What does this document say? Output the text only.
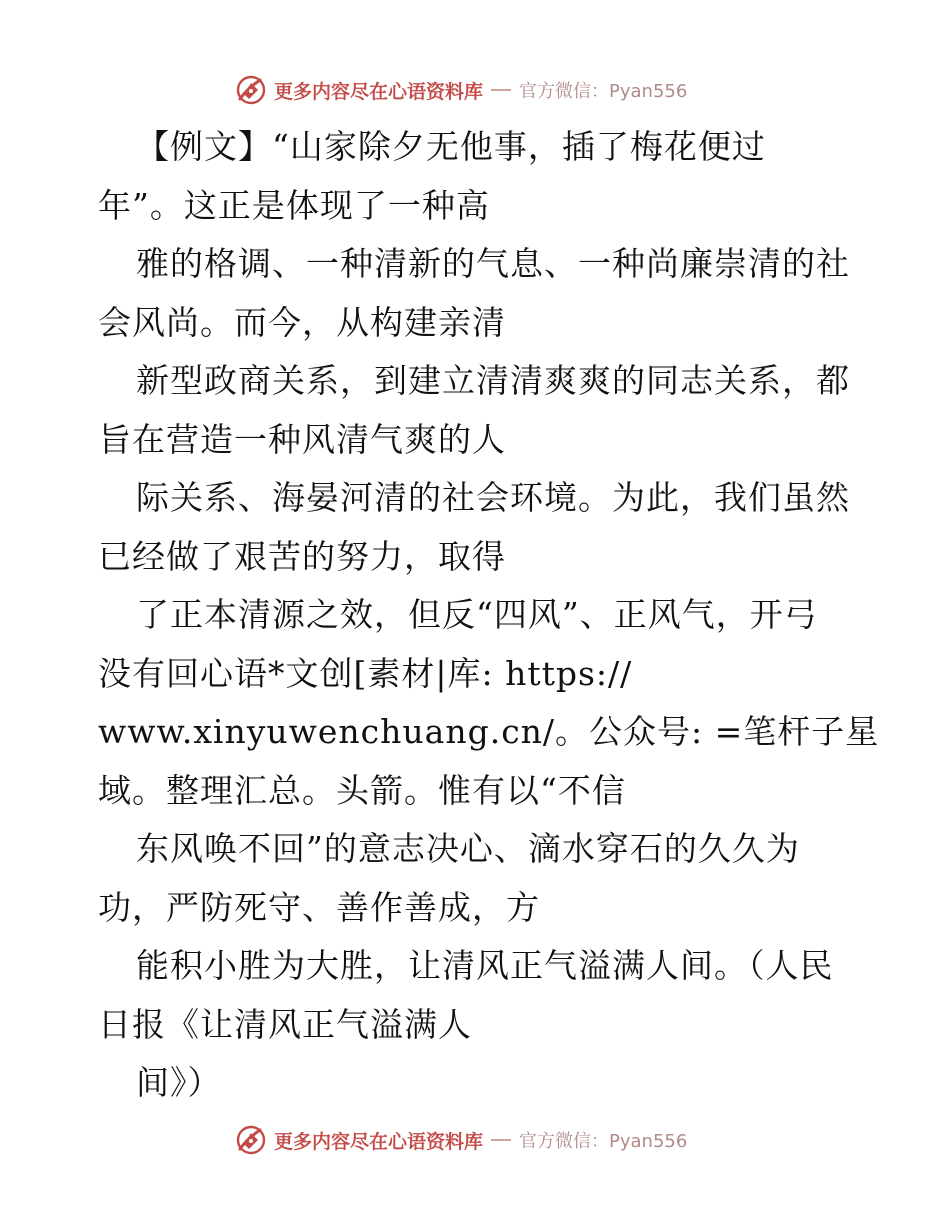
更多内容尽在心语资料库 官方微信：Pyan556
【例文】“山家除夕无他事，插了梅花便过
年”。这正是体现了一种高
雅的格调、一种清新的气息、一种尚廉崇清的社
会风尚。而今，从构建亲清
新型政商关系，到建立清清爽爽的同志关系，都
旨在营造一种风清气爽的人
际关系、海晏河清的社会环境。为此，我们虽然
已经做了艰苦的努力，取得
了正本清源之效，但反“四风”、正风气，开弓
没有回心语*文创[素材|库: https://
www.xinyuwenchuang.cn/。公众号: =笔杆子星
域。整理汇总。头箭。惟有以“不信
东风唤不回”的意志决心、滴水穿石的久久为
功，严防死守、善作善成，方
能积小胜为大胜，让清风正气溢满人间。（人民
日报《让清风正气溢满人
间》）
更多内容尽在心语资料库 官方微信：Pyan556
